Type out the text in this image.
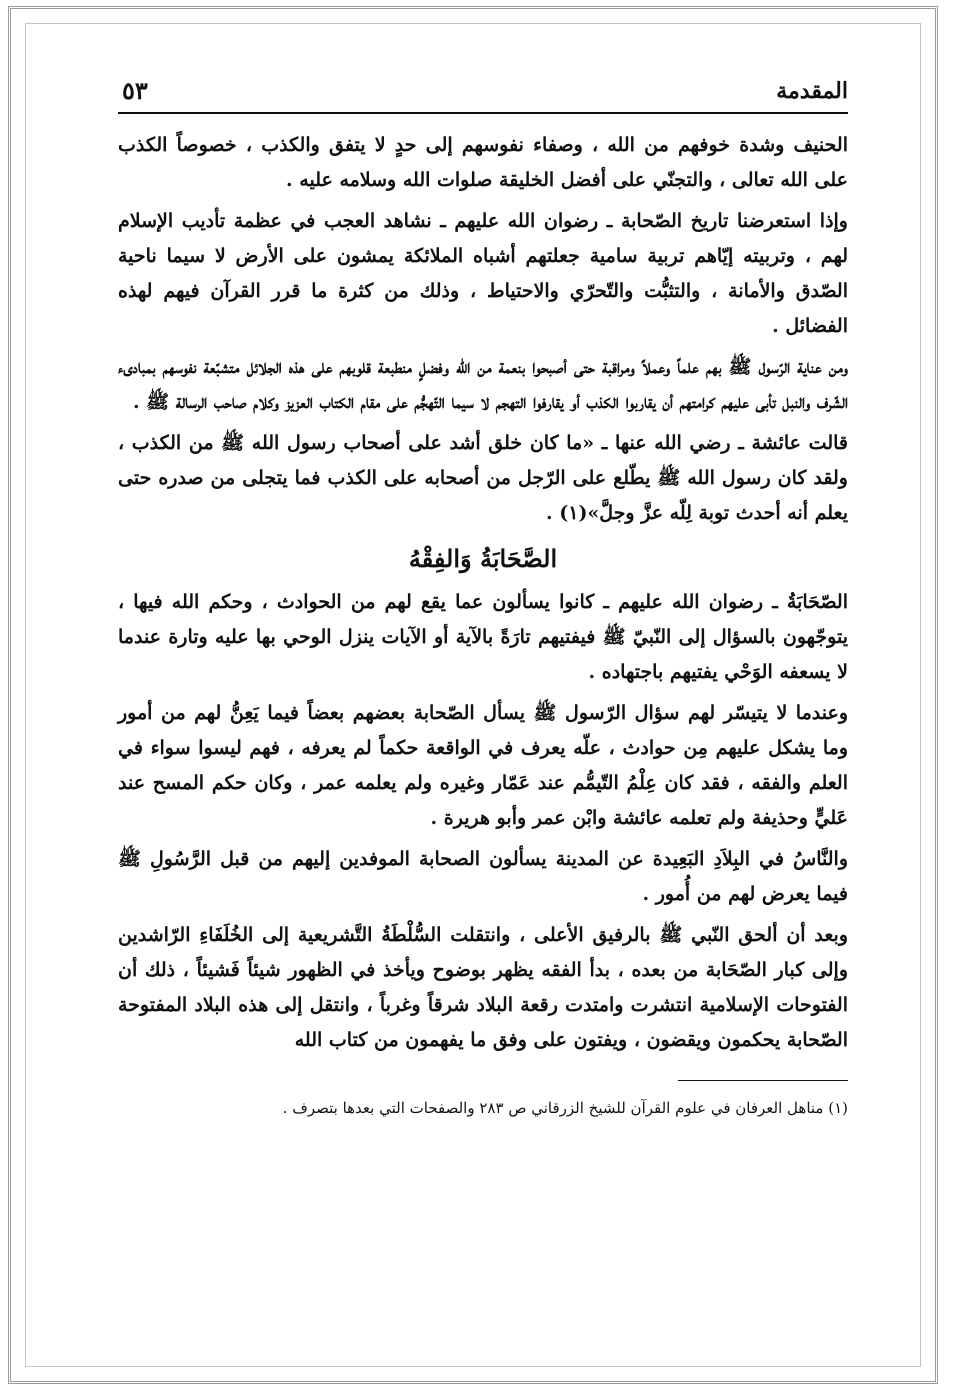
المقدمة
٥٣

الحنيف وشدة خوفهم من الله ، وصفاء نفوسهم إلى حدٍ لا يتفق والكذب ، خصوصاً الكذب على الله تعالى ، والتجنّي على أفضل الخليقة صلوات الله وسلامه عليه .

وإذا استعرضنا تاريخ الصّحابة ـ رضوان الله عليهم ـ نشاهد العجب في عظمة تأديب الإسلام لهم ، وتربيته إيّاهم تربية سامية جعلتهم أشباه الملائكة يمشون على الأرض لا سيما ناحية الصّدق والأمانة ، والتثبُّت والتّحرّي والاحتياط ، وذلك من كثرة ما قرر القرآن فيهم لهذه الفضائل .

ومن عناية الرّسول ﷺ بهم علماً وعملاً ومراقبة حتى أصبحوا بنعمة من الله وفضلٍ منطبعة قلوبهم على هذه الجلائل متشبّعة نفوسهم بمبادىء الشّرف والنبل تأبى عليهم كرامتهم أن يقاربوا الكذب أو يقارفوا التهجم لا سيما التّهجُّم على مقام الكتاب العزيز وكلام صاحب الرسالة ﷺ .

قالت عائشة ـ رضي الله عنها ـ «ما كان خلق أشد على أصحاب رسول الله ﷺ من الكذب ، ولقد كان رسول الله ﷺ يطّلع على الرّجل من أصحابه على الكذب فما يتجلى من صدره حتى يعلم أنه أحدث توبة لِلّه عزَّ وجلَّ»(١) .

الصَّحَابَةُ وَالفِقْهُ

الصّحَابَةُ ـ رضوان الله عليهم ـ كانوا يسألون عما يقع لهم من الحوادث ، وحكم الله فيها ، يتوجّهون بالسؤال إلى النّبيّ ﷺ فيفتيهم تارَةً بالآية أو الآيات ينزل الوحي بها عليه وتارة عندما لا يسعفه الوَحْي يفتيهم باجتهاده .

وعندما لا يتيسّر لهم سؤال الرّسول ﷺ يسأل الصّحابة بعضهم بعضاً فيما يَعِنُّ لهم من أمور وما يشكل عليهم مِن حوادث ، علّه يعرف في الواقعة حكماً لم يعرفه ، فهم ليسوا سواء في العلم والفقه ، فقد كان عِلْمُ التّيمُّم عند عَمّار وغيره ولم يعلمه عمر ، وكان حكم المسح عند عَليٍّ وحذيفة ولم تعلمه عائشة وابْن عمر وأبو هريرة .

والنَّاسُ في البِلاَدِ البَعِيدة عن المدينة يسألون الصحابة الموفدين إليهم من قبل الرَّسُولِ ﷺ فيما يعرض لهم من أُمور .

وبعد أن ألحق النّبي ﷺ بالرفيق الأعلى ، وانتقلت السُّلْطَةُ التَّشريعية إلى الخُلَفَاءِ الرّاشدين وإلى كبار الصّحَابة من بعده ، بدأ الفقه يظهر بوضوح ويأخذ في الظهور شيئاً فَشيئاً ، ذلك أن الفتوحات الإسلامية انتشرت وامتدت رقعة البلاد شرقاً وغرباً ، وانتقل إلى هذه البلاد المفتوحة الصّحابة يحكمون ويقضون ، ويفتون على وفق ما يفهمون من كتاب الله

(١) مناهل العرفان في علوم القرآن للشيخ الزرقاني ص ٢٨٣ والصفحات التي بعدها بتصرف .
